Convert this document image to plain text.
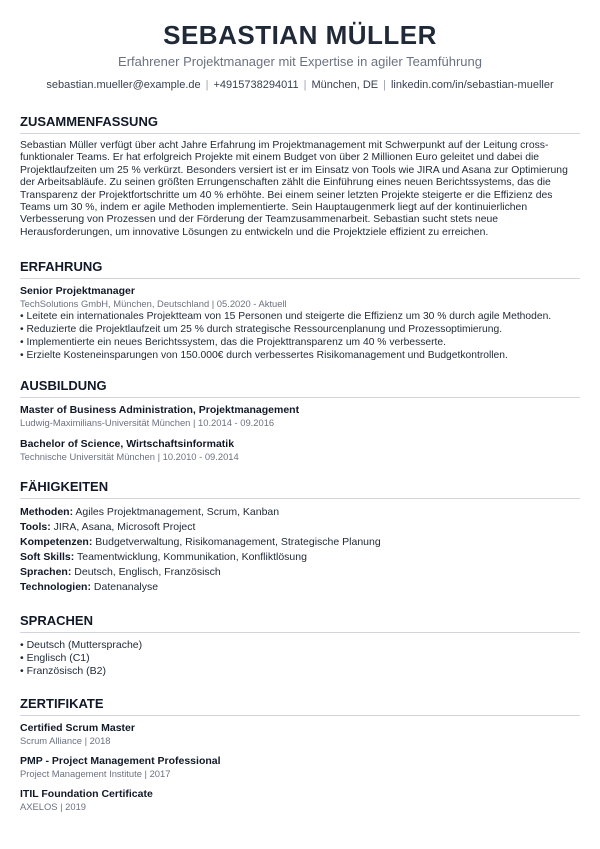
SEBASTIAN MÜLLER
Erfahrener Projektmanager mit Expertise in agiler Teamführung
sebastian.mueller@example.de | +4915738294011 | München, DE | linkedin.com/in/sebastian-mueller
ZUSAMMENFASSUNG

Sebastian Müller verfügt über acht Jahre Erfahrung im Projektmanagement mit Schwerpunkt auf der Leitung cross-funktionaler Teams. Er hat erfolgreich Projekte mit einem Budget von über 2 Millionen Euro geleitet und dabei die Projektlaufzeiten um 25 % verkürzt. Besonders versiert ist er im Einsatz von Tools wie JIRA und Asana zur Optimierung der Arbeitsabläufe. Zu seinen größten Errungenschaften zählt die Einführung eines neuen Berichtssystems, das die Transparenz der Projektfortschritte um 40 % erhöhte. Bei einem seiner letzten Projekte steigerte er die Effizienz des Teams um 30 %, indem er agile Methoden implementierte. Sein Hauptaugenmerk liegt auf der kontinuierlichen Verbesserung von Prozessen und der Förderung der Teamzusammenarbeit. Sebastian sucht stets neue Herausforderungen, um innovative Lösungen zu entwickeln und die Projektziele effizient zu erreichen.

ERFAHRUNG
Senior Projektmanager
TechSolutions GmbH, München, Deutschland | 05.2020 - Aktuell
• Leitete ein internationales Projektteam von 15 Personen und steigerte die Effizienz um 30 % durch agile Methoden.
• Reduzierte die Projektlaufzeit um 25 % durch strategische Ressourcenplanung und Prozessoptimierung.
• Implementierte ein neues Berichtssystem, das die Projekttransparenz um 40 % verbesserte.
• Erzielte Kosteneinsparungen von 150.000€ durch verbessertes Risikomanagement und Budgetkontrollen.
AUSBILDUNG
Master of Business Administration, Projektmanagement
Ludwig-Maximilians-Universität München | 10.2014 - 09.2016
Bachelor of Science, Wirtschaftsinformatik
Technische Universität München | 10.2010 - 09.2014
FÄHIGKEITEN
Methoden: Agiles Projektmanagement, Scrum, Kanban
Tools: JIRA, Asana, Microsoft Project
Kompetenzen: Budgetverwaltung, Risikomanagement, Strategische Planung
Soft Skills: Teamentwicklung, Kommunikation, Konfliktlösung
Sprachen: Deutsch, Englisch, Französisch
Technologien: Datenanalyse
SPRACHEN
• Deutsch (Muttersprache)
• Englisch (C1)
• Französisch (B2)
ZERTIFIKATE
Certified Scrum Master
Scrum Alliance | 2018
PMP - Project Management Professional
Project Management Institute | 2017
ITIL Foundation Certificate
AXELOS | 2019
